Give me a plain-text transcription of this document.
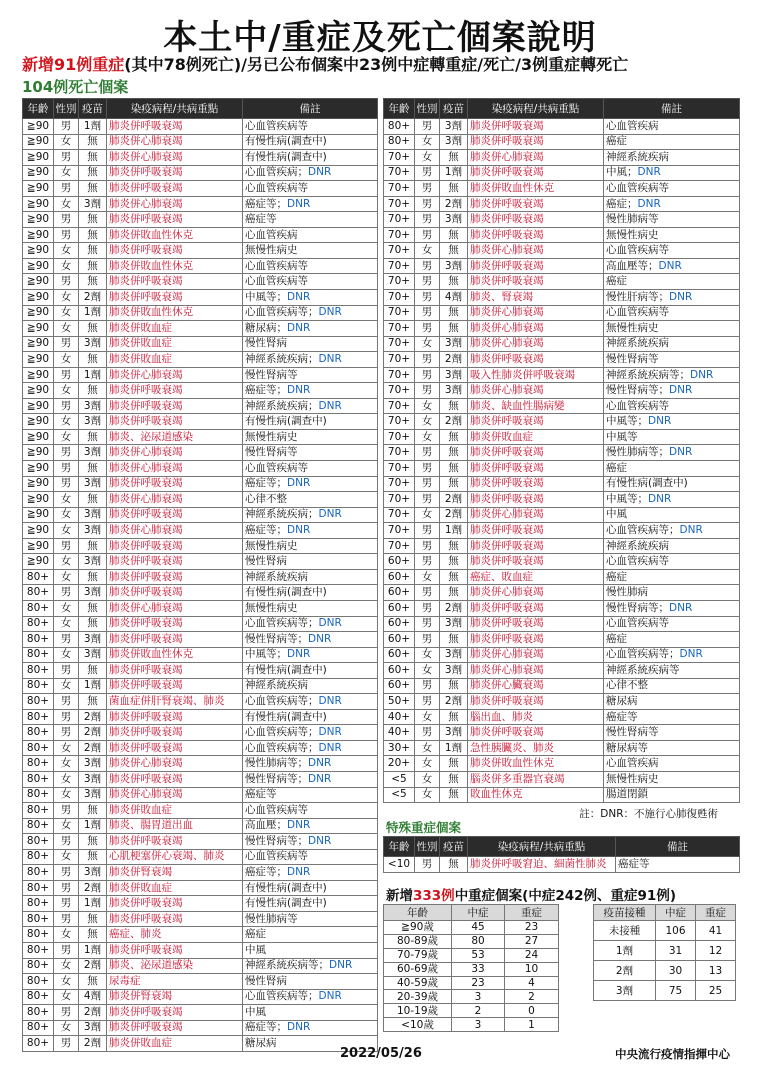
本土中/重症及死亡個案說明
新增91例重症(其中78例死亡)/另已公布個案中23例中症轉重症/死亡/3例重症轉死亡
104例死亡個案
年齡	性別	疫苗	染疫病程/共病重點	備註
≧90	男	1劑	肺炎併呼吸衰竭	心血管疾病等
≧90	女	無	肺炎併心肺衰竭	有慢性病(調查中)
≧90	男	無	肺炎併心肺衰竭	有慢性病(調查中)
≧90	女	無	肺炎併呼吸衰竭	心血管疾病；DNR
≧90	男	無	肺炎併呼吸衰竭	心血管疾病等
≧90	女	3劑	肺炎併心肺衰竭	癌症等；DNR
≧90	男	無	肺炎併呼吸衰竭	癌症等
≧90	男	無	肺炎併敗血性休克	心血管疾病
≧90	女	無	肺炎併呼吸衰竭	無慢性病史
≧90	女	無	肺炎併敗血性休克	心血管疾病等
≧90	男	無	肺炎併呼吸衰竭	心血管疾病等
≧90	女	2劑	肺炎併呼吸衰竭	中風等；DNR
≧90	女	1劑	肺炎併敗血性休克	心血管疾病等；DNR
≧90	女	無	肺炎併敗血症	糖尿病；DNR
≧90	男	3劑	肺炎併敗血症	慢性腎病
≧90	女	無	肺炎併敗血症	神經系統疾病；DNR
≧90	男	1劑	肺炎併心肺衰竭	慢性腎病等
≧90	女	無	肺炎併呼吸衰竭	癌症等；DNR
≧90	男	3劑	肺炎併呼吸衰竭	神經系統疾病；DNR
≧90	女	3劑	肺炎併呼吸衰竭	有慢性病(調查中)
≧90	女	無	肺炎、泌尿道感染	無慢性病史
≧90	男	3劑	肺炎併心肺衰竭	慢性腎病等
≧90	男	無	肺炎併心肺衰竭	心血管疾病等
≧90	男	3劑	肺炎併呼吸衰竭	癌症等；DNR
≧90	女	無	肺炎併心肺衰竭	心律不整
≧90	女	3劑	肺炎併呼吸衰竭	神經系統疾病；DNR
≧90	女	3劑	肺炎併心肺衰竭	癌症等；DNR
≧90	男	無	肺炎併呼吸衰竭	無慢性病史
≧90	女	3劑	肺炎併呼吸衰竭	慢性腎病
80+	女	無	肺炎併呼吸衰竭	神經系統疾病
80+	男	3劑	肺炎併呼吸衰竭	有慢性病(調查中)
80+	女	無	肺炎併心肺衰竭	無慢性病史
80+	女	無	肺炎併呼吸衰竭	心血管疾病等；DNR
80+	男	3劑	肺炎併呼吸衰竭	慢性腎病等；DNR
80+	女	3劑	肺炎併敗血性休克	中風等；DNR
80+	男	無	肺炎併呼吸衰竭	有慢性病(調查中)
80+	女	1劑	肺炎併呼吸衰竭	神經系統疾病
80+	男	無	菌血症併肝腎衰竭、肺炎	心血管疾病等；DNR
80+	男	2劑	肺炎併呼吸衰竭	有慢性病(調查中)
80+	男	2劑	肺炎併呼吸衰竭	心血管疾病等；DNR
80+	女	2劑	肺炎併呼吸衰竭	心血管疾病等；DNR
80+	女	3劑	肺炎併心肺衰竭	慢性肺病等；DNR
80+	女	3劑	肺炎併呼吸衰竭	慢性腎病等；DNR
80+	女	3劑	肺炎併心肺衰竭	癌症等
80+	男	無	肺炎併敗血症	心血管疾病等
80+	女	1劑	肺炎、腸胃道出血	高血壓；DNR
80+	男	無	肺炎併呼吸衰竭	慢性腎病等；DNR
80+	女	無	心肌梗塞併心衰竭、肺炎	心血管疾病等
80+	男	3劑	肺炎併腎衰竭	癌症等；DNR
80+	男	2劑	肺炎併敗血症	有慢性病(調查中)
80+	男	1劑	肺炎併呼吸衰竭	有慢性病(調查中)
80+	男	無	肺炎併呼吸衰竭	慢性肺病等
80+	女	無	癌症、肺炎	癌症
80+	男	1劑	肺炎併呼吸衰竭	中風
80+	女	2劑	肺炎、泌尿道感染	神經系統疾病等；DNR
80+	女	無	尿毒症	慢性腎病
80+	女	4劑	肺炎併腎衰竭	心血管疾病等；DNR
80+	男	2劑	肺炎併呼吸衰竭	中風
80+	女	3劑	肺炎併呼吸衰竭	癌症等；DNR
80+	男	2劑	肺炎併敗血症	糖尿病
年齡	性別	疫苗	染疫病程/共病重點	備註
80+	男	3劑	肺炎併呼吸衰竭	心血管疾病
80+	女	3劑	肺炎併呼吸衰竭	癌症
70+	女	無	肺炎併心肺衰竭	神經系統疾病
70+	男	1劑	肺炎併呼吸衰竭	中風；DNR
70+	男	無	肺炎併敗血性休克	心血管疾病等
70+	男	2劑	肺炎併呼吸衰竭	癌症；DNR
70+	男	3劑	肺炎併呼吸衰竭	慢性肺病等
70+	男	無	肺炎併呼吸衰竭	無慢性病史
70+	女	無	肺炎併心肺衰竭	心血管疾病等
70+	男	3劑	肺炎併呼吸衰竭	高血壓等；DNR
70+	男	無	肺炎併呼吸衰竭	癌症
70+	男	4劑	肺炎、腎衰竭	慢性肝病等；DNR
70+	男	無	肺炎併心肺衰竭	心血管疾病等
70+	男	無	肺炎併心肺衰竭	無慢性病史
70+	女	3劑	肺炎併心肺衰竭	神經系統疾病
70+	男	2劑	肺炎併呼吸衰竭	慢性腎病等
70+	男	3劑	吸入性肺炎併呼吸衰竭	神經系統疾病等；DNR
70+	男	3劑	肺炎併心肺衰竭	慢性腎病等；DNR
70+	女	無	肺炎、缺血性腸病變	心血管疾病等
70+	女	2劑	肺炎併呼吸衰竭	中風等；DNR
70+	女	無	肺炎併敗血症	中風等
70+	男	無	肺炎併呼吸衰竭	慢性肺病等；DNR
70+	男	無	肺炎併呼吸衰竭	癌症
70+	男	無	肺炎併呼吸衰竭	有慢性病(調查中)
70+	男	2劑	肺炎併呼吸衰竭	中風等；DNR
70+	女	2劑	肺炎併心肺衰竭	中風
70+	男	1劑	肺炎併呼吸衰竭	心血管疾病等；DNR
70+	男	無	肺炎併呼吸衰竭	神經系統疾病
60+	男	無	肺炎併呼吸衰竭	心血管疾病等
60+	女	無	癌症、敗血症	癌症
60+	男	無	肺炎併心肺衰竭	慢性肺病
60+	男	2劑	肺炎併呼吸衰竭	慢性腎病等；DNR
60+	男	3劑	肺炎併呼吸衰竭	心血管疾病等
60+	男	無	肺炎併呼吸衰竭	癌症
60+	女	3劑	肺炎併心肺衰竭	心血管疾病等；DNR
60+	女	3劑	肺炎併心肺衰竭	神經系統疾病等
60+	男	無	肺炎併心臟衰竭	心律不整
50+	男	2劑	肺炎併呼吸衰竭	糖尿病
40+	女	無	腦出血、肺炎	癌症等
40+	男	3劑	肺炎併呼吸衰竭	慢性腎病等
30+	女	1劑	急性胰臟炎、肺炎	糖尿病等
20+	女	無	肺炎併敗血性休克	心血管疾病
<5	女	無	腦炎併多重器官衰竭	無慢性病史
<5	女	無	敗血性休克	腸道閉鎖
註：DNR：不施行心肺復甦術
特殊重症個案
年齡	性別	疫苗	染疫病程/共病重點	備註
<10	男	無	肺炎併呼吸窘迫、細菌性肺炎	癌症等
新增333例中重症個案(中症242例、重症91例)
年齡	中症	重症
≧90歲	45	23
80-89歲	80	27
70-79歲	53	24
60-69歲	33	10
40-59歲	23	4
20-39歲	3	2
10-19歲	2	0
<10歲	3	1
疫苗接種	中症	重症
未接種	106	41
1劑	31	12
2劑	30	13
3劑	75	25
2022/05/26	中央流行疫情指揮中心
